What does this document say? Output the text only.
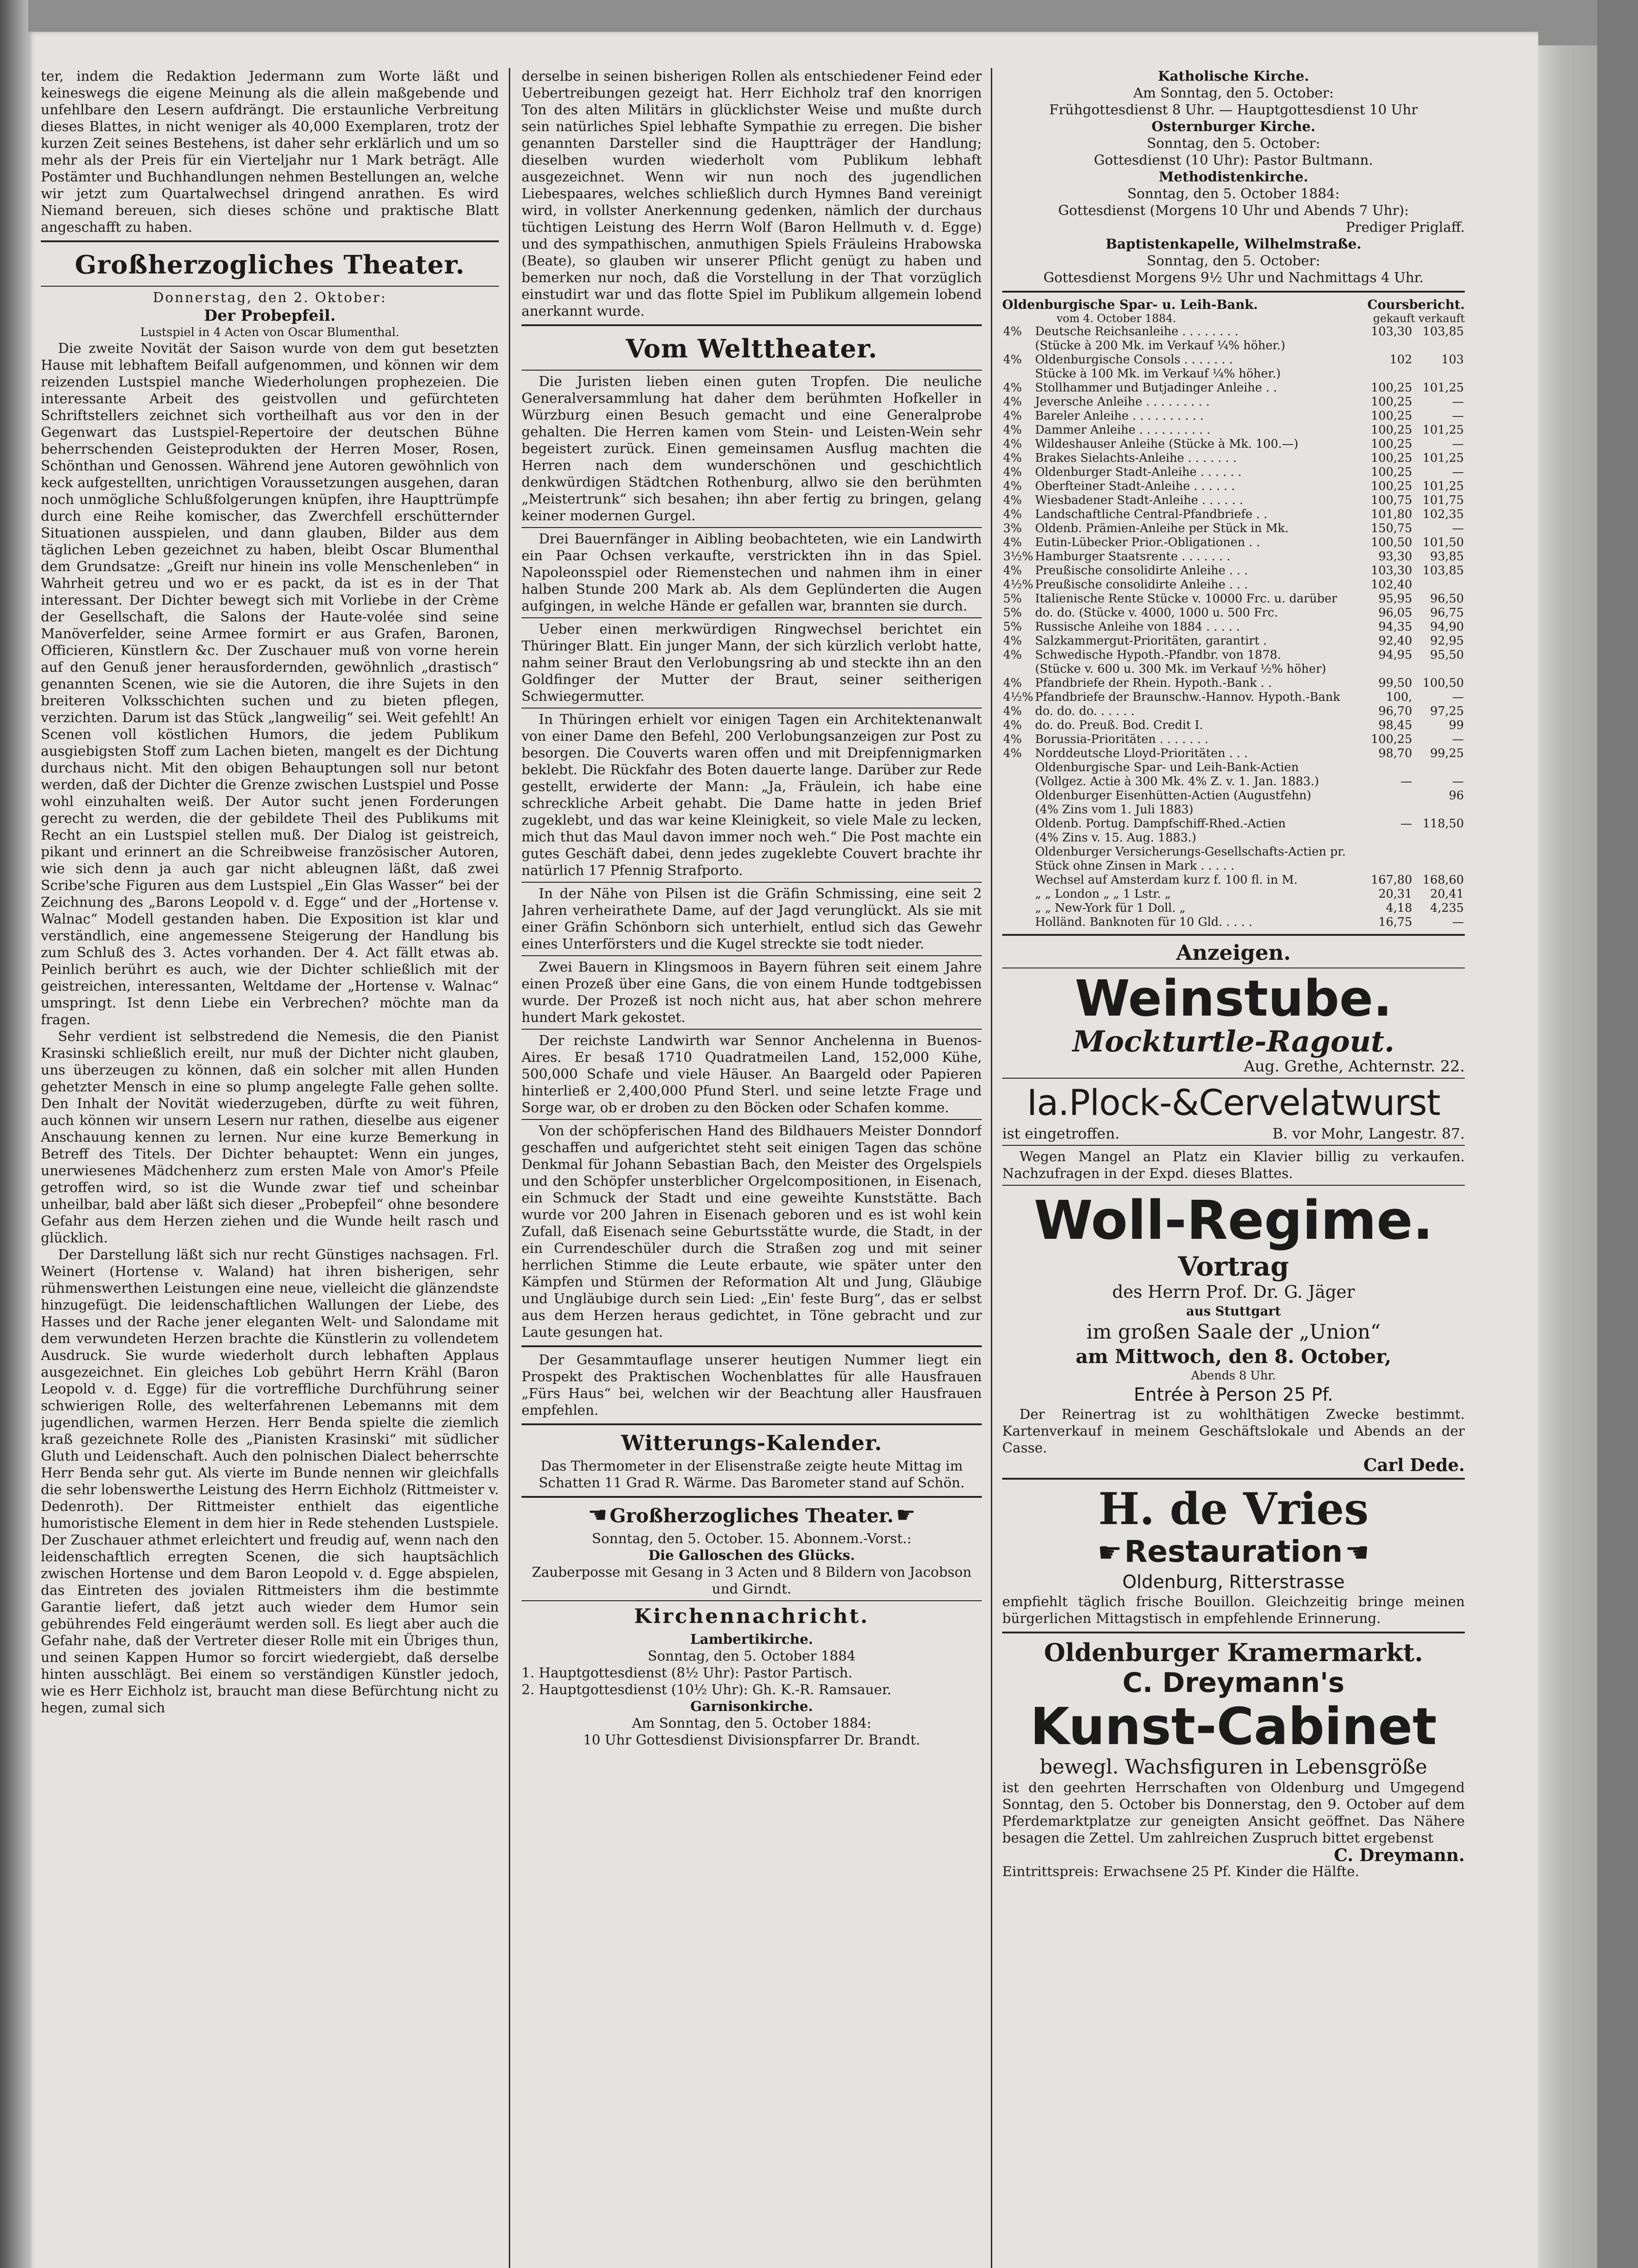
ter, indem die Redaktion Jedermann zum Worte läßt und keineswegs die eigene Meinung als die allein maßgebende und unfehlbare den Lesern aufdrängt. Die erstaunliche Verbreitung dieses Blattes, in nicht weniger als 40,000 Exemplaren, trotz der kurzen Zeit seines Bestehens, ist daher sehr erklärlich und um so mehr als der Preis für ein Vierteljahr nur 1 Mark beträgt. Alle Postämter und Buchhandlungen nehmen Bestellungen an, welche wir jetzt zum Quartalwechsel dringend anrathen. Es wird Niemand bereuen, sich dieses schöne und praktische Blatt angeschafft zu haben.

Großherzogliches Theater.

Donnerstag, den 2. Oktober:

Der Probepfeil.

Lustspiel in 4 Acten von Oscar Blumenthal.

Die zweite Novität der Saison wurde von dem gut besetzten Hause mit lebhaftem Beifall aufgenommen, und können wir dem reizenden Lustspiel manche Wiederholungen prophezeien. Die interessante Arbeit des geistvollen und gefürchteten Schriftstellers zeichnet sich vortheilhaft aus vor den in der Gegenwart das Lustspiel-Repertoire der deutschen Bühne beherrschenden Geisteprodukten der Herren Moser, Rosen, Schönthan und Genossen. Während jene Autoren gewöhnlich von keck aufgestellten, unrichtigen Voraussetzungen ausgehen, daran noch unmögliche Schlußfolgerungen knüpfen, ihre Haupttrümpfe durch eine Reihe komischer, das Zwerchfell erschütternder Situationen ausspielen, und dann glauben, Bilder aus dem täglichen Leben gezeichnet zu haben, bleibt Oscar Blumenthal dem Grundsatze: „Greift nur hinein ins volle Menschenleben“ in Wahrheit getreu und wo er es packt, da ist es in der That interessant. Der Dichter bewegt sich mit Vorliebe in der Crème der Gesellschaft, die Salons der Haute-volée sind seine Manöverfelder, seine Armee formirt er aus Grafen, Baronen, Officieren, Künstlern &c. Der Zuschauer muß von vorne herein auf den Genuß jener herausfordernden, gewöhnlich „drastisch“ genannten Scenen, wie sie die Autoren, die ihre Sujets in den breiteren Volksschichten suchen und zu bieten pflegen, verzichten. Darum ist das Stück „langweilig“ sei. Weit gefehlt! An Scenen voll köstlichen Humors, die jedem Publikum ausgiebigsten Stoff zum Lachen bieten, mangelt es der Dichtung durchaus nicht. Mit den obigen Behauptungen soll nur betont werden, daß der Dichter die Grenze zwischen Lustspiel und Posse wohl einzuhalten weiß. Der Autor sucht jenen Forderungen gerecht zu werden, die der gebildete Theil des Publikums mit Recht an ein Lustspiel stellen muß. Der Dialog ist geistreich, pikant und erinnert an die Schreibweise französischer Autoren, wie sich denn ja auch gar nicht ableugnen läßt, daß zwei Scribe'sche Figuren aus dem Lustspiel „Ein Glas Wasser“ bei der Zeichnung des „Barons Leopold v. d. Egge“ und der „Hortense v. Walnac“ Modell gestanden haben. Die Exposition ist klar und verständlich, eine angemessene Steigerung der Handlung bis zum Schluß des 3. Actes vorhanden. Der 4. Act fällt etwas ab. Peinlich berührt es auch, wie der Dichter schließlich mit der geistreichen, interessanten, Weltdame der „Hortense v. Walnac“ umspringt. Ist denn Liebe ein Verbrechen? möchte man da fragen.

Sehr verdient ist selbstredend die Nemesis, die den Pianist Krasinski schließlich ereilt, nur muß der Dichter nicht glauben, uns überzeugen zu können, daß ein solcher mit allen Hunden gehetzter Mensch in eine so plump angelegte Falle gehen sollte. Den Inhalt der Novität wiederzugeben, dürfte zu weit führen, auch können wir unsern Lesern nur rathen, dieselbe aus eigener Anschauung kennen zu lernen. Nur eine kurze Bemerkung in Betreff des Titels. Der Dichter behauptet: Wenn ein junges, unerwiesenes Mädchenherz zum ersten Male von Amor's Pfeile getroffen wird, so ist die Wunde zwar tief und scheinbar unheilbar, bald aber läßt sich dieser „Probepfeil“ ohne besondere Gefahr aus dem Herzen ziehen und die Wunde heilt rasch und glücklich.

Der Darstellung läßt sich nur recht Günstiges nachsagen. Frl. Weinert (Hortense v. Waland) hat ihren bisherigen, sehr rühmenswerthen Leistungen eine neue, vielleicht die glänzendste hinzugefügt. Die leidenschaftlichen Wallungen der Liebe, des Hasses und der Rache jener eleganten Welt- und Salondame mit dem verwundeten Herzen brachte die Künstlerin zu vollendetem Ausdruck. Sie wurde wiederholt durch lebhaften Applaus ausgezeichnet. Ein gleiches Lob gebührt Herrn Krähl (Baron Leopold v. d. Egge) für die vortreffliche Durchführung seiner schwierigen Rolle, des welterfahrenen Lebemanns mit dem jugendlichen, warmen Herzen. Herr Benda spielte die ziemlich kraß gezeichnete Rolle des „Pianisten Krasinski“ mit südlicher Gluth und Leidenschaft. Auch den polnischen Dialect beherrschte Herr Benda sehr gut. Als vierte im Bunde nennen wir gleichfalls die sehr lobenswerthe Leistung des Herrn Eichholz (Rittmeister v. Dedenroth). Der Rittmeister enthielt das eigentliche humoristische Element in dem hier in Rede stehenden Lustspiele. Der Zuschauer athmet erleichtert und freudig auf, wenn nach den leidenschaftlich erregten Scenen, die sich hauptsächlich zwischen Hortense und dem Baron Leopold v. d. Egge abspielen, das Eintreten des jovialen Rittmeisters ihm die bestimmte Garantie liefert, daß jetzt auch wieder dem Humor sein gebührendes Feld eingeräumt werden soll. Es liegt aber auch die Gefahr nahe, daß der Vertreter dieser Rolle mit ein Übriges thun, und seinen Kappen Humor so forcirt wiedergiebt, daß derselbe hinten ausschlägt. Bei einem so verständigen Künstler jedoch, wie es Herr Eichholz ist, braucht man diese Befürchtung nicht zu hegen, zumal sich

derselbe in seinen bisherigen Rollen als entschiedener Feind eder Uebertreibungen gezeigt hat. Herr Eichholz traf den knorrigen Ton des alten Militärs in glücklichster Weise und mußte durch sein natürliches Spiel lebhafte Sympathie zu erregen. Die bisher genannten Darsteller sind die Hauptträger der Handlung; dieselben wurden wiederholt vom Publikum lebhaft ausgezeichnet. Wenn wir nun noch des jugendlichen Liebespaares, welches schließlich durch Hymnes Band vereinigt wird, in vollster Anerkennung gedenken, nämlich der durchaus tüchtigen Leistung des Herrn Wolf (Baron Hellmuth v. d. Egge) und des sympathischen, anmuthigen Spiels Fräuleins Hrabowska (Beate), so glauben wir unserer Pflicht genügt zu haben und bemerken nur noch, daß die Vorstellung in der That vorzüglich einstudirt war und das flotte Spiel im Publikum allgemein lobend anerkannt wurde.

Vom Welttheater.

Die Juristen lieben einen guten Tropfen. Die neuliche Generalversammlung hat daher dem berühmten Hofkeller in Würzburg einen Besuch gemacht und eine Generalprobe gehalten. Die Herren kamen vom Stein- und Leisten-Wein sehr begeistert zurück. Einen gemeinsamen Ausflug machten die Herren nach dem wunderschönen und geschichtlich denkwürdigen Städtchen Rothenburg, allwo sie den berühmten „Meistertrunk“ sich besahen; ihn aber fertig zu bringen, gelang keiner modernen Gurgel.

Drei Bauernfänger in Aibling beobachteten, wie ein Landwirth ein Paar Ochsen verkaufte, verstrickten ihn in das Spiel. Napoleonsspiel oder Riemenstechen und nahmen ihm in einer halben Stunde 200 Mark ab. Als dem Geplünderten die Augen aufgingen, in welche Hände er gefallen war, brannten sie durch.

Ueber einen merkwürdigen Ringwechsel berichtet ein Thüringer Blatt. Ein junger Mann, der sich kürzlich verlobt hatte, nahm seiner Braut den Verlobungsring ab und steckte ihn an den Goldfinger der Mutter der Braut, seiner seitherigen Schwiegermutter.

In Thüringen erhielt vor einigen Tagen ein Architektenanwalt von einer Dame den Befehl, 200 Verlobungsanzeigen zur Post zu besorgen. Die Couverts waren offen und mit Dreipfennigmarken beklebt. Die Rückfahr des Boten dauerte lange. Darüber zur Rede gestellt, erwiderte der Mann: „Ja, Fräulein, ich habe eine schreckliche Arbeit gehabt. Die Dame hatte in jeden Brief zugeklebt, und das war keine Kleinigkeit, so viele Male zu lecken, mich thut das Maul davon immer noch weh.“ Die Post machte ein gutes Geschäft dabei, denn jedes zugeklebte Couvert brachte ihr natürlich 17 Pfennig Strafporto.

In der Nähe von Pilsen ist die Gräfin Schmissing, eine seit 2 Jahren verheirathete Dame, auf der Jagd verunglückt. Als sie mit einer Gräfin Schönborn sich unterhielt, entlud sich das Gewehr eines Unterförsters und die Kugel streckte sie todt nieder.

Zwei Bauern in Klingsmoos in Bayern führen seit einem Jahre einen Prozeß über eine Gans, die von einem Hunde todtgebissen wurde. Der Prozeß ist noch nicht aus, hat aber schon mehrere hundert Mark gekostet.

Der reichste Landwirth war Sennor Anchelenna in Buenos-Aires. Er besaß 1710 Quadratmeilen Land, 152,000 Kühe, 500,000 Schafe und viele Häuser. An Baargeld oder Papieren hinterließ er 2,400,000 Pfund Sterl. und seine letzte Frage und Sorge war, ob er droben zu den Böcken oder Schafen komme.

Von der schöpferischen Hand des Bildhauers Meister Donndorf geschaffen und aufgerichtet steht seit einigen Tagen das schöne Denkmal für Johann Sebastian Bach, den Meister des Orgelspiels und den Schöpfer unsterblicher Orgelcompositionen, in Eisenach, ein Schmuck der Stadt und eine geweihte Kunststätte. Bach wurde vor 200 Jahren in Eisenach geboren und es ist wohl kein Zufall, daß Eisenach seine Geburtsstätte wurde, die Stadt, in der ein Currendeschüler durch die Straßen zog und mit seiner herrlichen Stimme die Leute erbaute, wie später unter den Kämpfen und Stürmen der Reformation Alt und Jung, Gläubige und Ungläubige durch sein Lied: „Ein' feste Burg“, das er selbst aus dem Herzen heraus gedichtet, in Töne gebracht und zur Laute gesungen hat.

Der Gesammtauflage unserer heutigen Nummer liegt ein Prospekt des Praktischen Wochenblattes für alle Hausfrauen „Fürs Haus“ bei, welchen wir der Beachtung aller Hausfrauen empfehlen.

Witterungs-Kalender.

Das Thermometer in der Elisenstraße zeigte heute Mittag im Schatten 11 Grad R. Wärme. Das Barometer stand auf Schön.

☚ Großherzogliches Theater. ☛

Sonntag, den 5. October. 15. Abonnem.-Vorst.:

Die Galloschen des Glücks.

Zauberposse mit Gesang in 3 Acten und 8 Bildern von Jacobson und Girndt.

Kirchennachricht.

Lambertikirche.

Sonntag, den 5. October 1884

1. Hauptgottesdienst (8½ Uhr): Pastor Partisch.

2. Hauptgottesdienst (10½ Uhr): Gh. K.-R. Ramsauer.

Garnisonkirche.

Am Sonntag, den 5. October 1884:

10 Uhr Gottesdienst Divisionspfarrer Dr. Brandt.

Katholische Kirche.

Am Sonntag, den 5. October:

Frühgottesdienst 8 Uhr. — Hauptgottesdienst 10 Uhr

Osternburger Kirche.

Sonntag, den 5. October:

Gottesdienst (10 Uhr): Pastor Bultmann.

Methodistenkirche.

Sonntag, den 5. October 1884:

Gottesdienst (Morgens 10 Uhr und Abends 7 Uhr):

Prediger Priglaff.

Baptistenkapelle, Wilhelmstraße.

Sonntag, den 5. October:

Gottesdienst Morgens 9½ Uhr und Nachmittags 4 Uhr.

Oldenburgische Spar- u. Leih-Bank.	Coursbericht.
vom 4. October 1884.	gekauft verkauft
4%	Deutsche Reichsanleihe . . . . . . . .	103,30	103,85
	(Stücke à 200 Mk. im Verkauf ¼% höher.)		
4%	Oldenburgische Consols . . . . . . .	102	103
	Stücke à 100 Mk. im Verkauf ¼% höher.)		
4%	Stollhammer und Butjadinger Anleihe . .	100,25	101,25
4%	Jeversche Anleihe . . . . . . . . .	100,25	—
4%	Bareler Anleihe . . . . . . . . . .	100,25	—
4%	Dammer Anleihe . . . . . . . . . .	100,25	101,25
4%	Wildeshauser Anleihe (Stücke à Mk. 100.—)	100,25	—
4%	Brakes Sielachts-Anleihe . . . . . . .	100,25	101,25
4%	Oldenburger Stadt-Anleihe . . . . . .	100,25	—
4%	Oberfteiner Stadt-Anleihe . . . . . .	100,25	101,25
4%	Wiesbadener Stadt-Anleihe . . . . . .	100,75	101,75
4%	Landschaftliche Central-Pfandbriefe . .	101,80	102,35
3%	Oldenb. Prämien-Anleihe per Stück in Mk.	150,75	—
4%	Eutin-Lübecker Prior.-Obligationen . .	100,50	101,50
3½%	Hamburger Staatsrente . . . . . . .	93,30	93,85
4%	Preußische consolidirte Anleihe . . .	103,30	103,85
4½%	Preußische consolidirte Anleihe . . .	102,40	
5%	Italienische Rente Stücke v. 10000 Frc. u. darüber	95,95	96,50
5%	do. do. (Stücke v. 4000, 1000 u. 500 Frc.	96,05	96,75
5%	Russische Anleihe von 1884 . . . . .	94,35	94,90
4%	Salzkammergut-Prioritäten, garantirt .	92,40	92,95
4%	Schwedische Hypoth.-Pfandbr. von 1878.	94,95	95,50
	(Stücke v. 600 u. 300 Mk. im Verkauf ½% höher)		
4%	Pfandbriefe der Rhein. Hypoth.-Bank . .	99,50	100,50
4½%	Pfandbriefe der Braunschw.-Hannov. Hypoth.-Bank	100,	—
4%	do. do. do. . . . . .	96,70	97,25
4%	do. do. Preuß. Bod. Credit I.	98,45	99
4%	Borussia-Prioritäten . . . . . . .	100,25	—
4%	Norddeutsche Lloyd-Prioritäten . . .	98,70	99,25
	Oldenburgische Spar- und Leih-Bank-Actien		
	(Vollgez. Actie à 300 Mk. 4% Z. v. 1. Jan. 1883.)	—	—
	Oldenburger Eisenhütten-Actien (Augustfehn)		96
	(4% Zins vom 1. Juli 1883)		
	Oldenb. Portug. Dampfschiff-Rhed.-Actien	—	118,50
	(4% Zins v. 15. Aug. 1883.)		
	Oldenburger Versicherungs-Gesellschafts-Actien pr.		
	Stück ohne Zinsen in Mark . . . . .		
	Wechsel auf Amsterdam kurz f. 100 fl. in M.	167,80	168,60
	„ „ London „ „ 1 Lstr. „	20,31	20,41
	„ „ New-York für 1 Doll. „	4,18	4,235
	Holländ. Banknoten für 10 Gld. . . . .	16,75	—

Anzeigen.

Weinstube.
Mockturtle-Ragout.

Aug. Grethe, Achternstr. 22.

Ia.Plock-&Cervelatwurst
ist eingetroffen.	B. vor Mohr, Langestr. 87.

Wegen Mangel an Platz ein Klavier billig zu verkaufen. Nachzufragen in der Expd. dieses Blattes.

Woll-Regime.

Vortrag

des Herrn Prof. Dr. G. Jäger

aus Stuttgart

im großen Saale der „Union“

am Mittwoch, den 8. October,

Abends 8 Uhr.

Entrée à Person 25 Pf.

Der Reinertrag ist zu wohlthätigen Zwecke bestimmt. Kartenverkauf in meinem Geschäftslokale und Abends an der Casse.

Carl Dede.

H. de Vries
☛ Restauration ☚

Oldenburg, Ritterstrasse

empfiehlt täglich frische Bouillon. Gleichzeitig bringe meinen bürgerlichen Mittagstisch in empfehlende Erinnerung.

Oldenburger Kramermarkt.

C. Dreymann's

Kunst-Cabinet

bewegl. Wachsfiguren in Lebensgröße

ist den geehrten Herrschaften von Oldenburg und Umgegend Sonntag, den 5. October bis Donnerstag, den 9. October auf dem Pferdemarktplatze zur geneigten Ansicht geöffnet. Das Nähere besagen die Zettel. Um zahlreichen Zuspruch bittet ergebenst

C. Dreymann.

Eintrittspreis: Erwachsene 25 Pf. Kinder die Hälfte.
